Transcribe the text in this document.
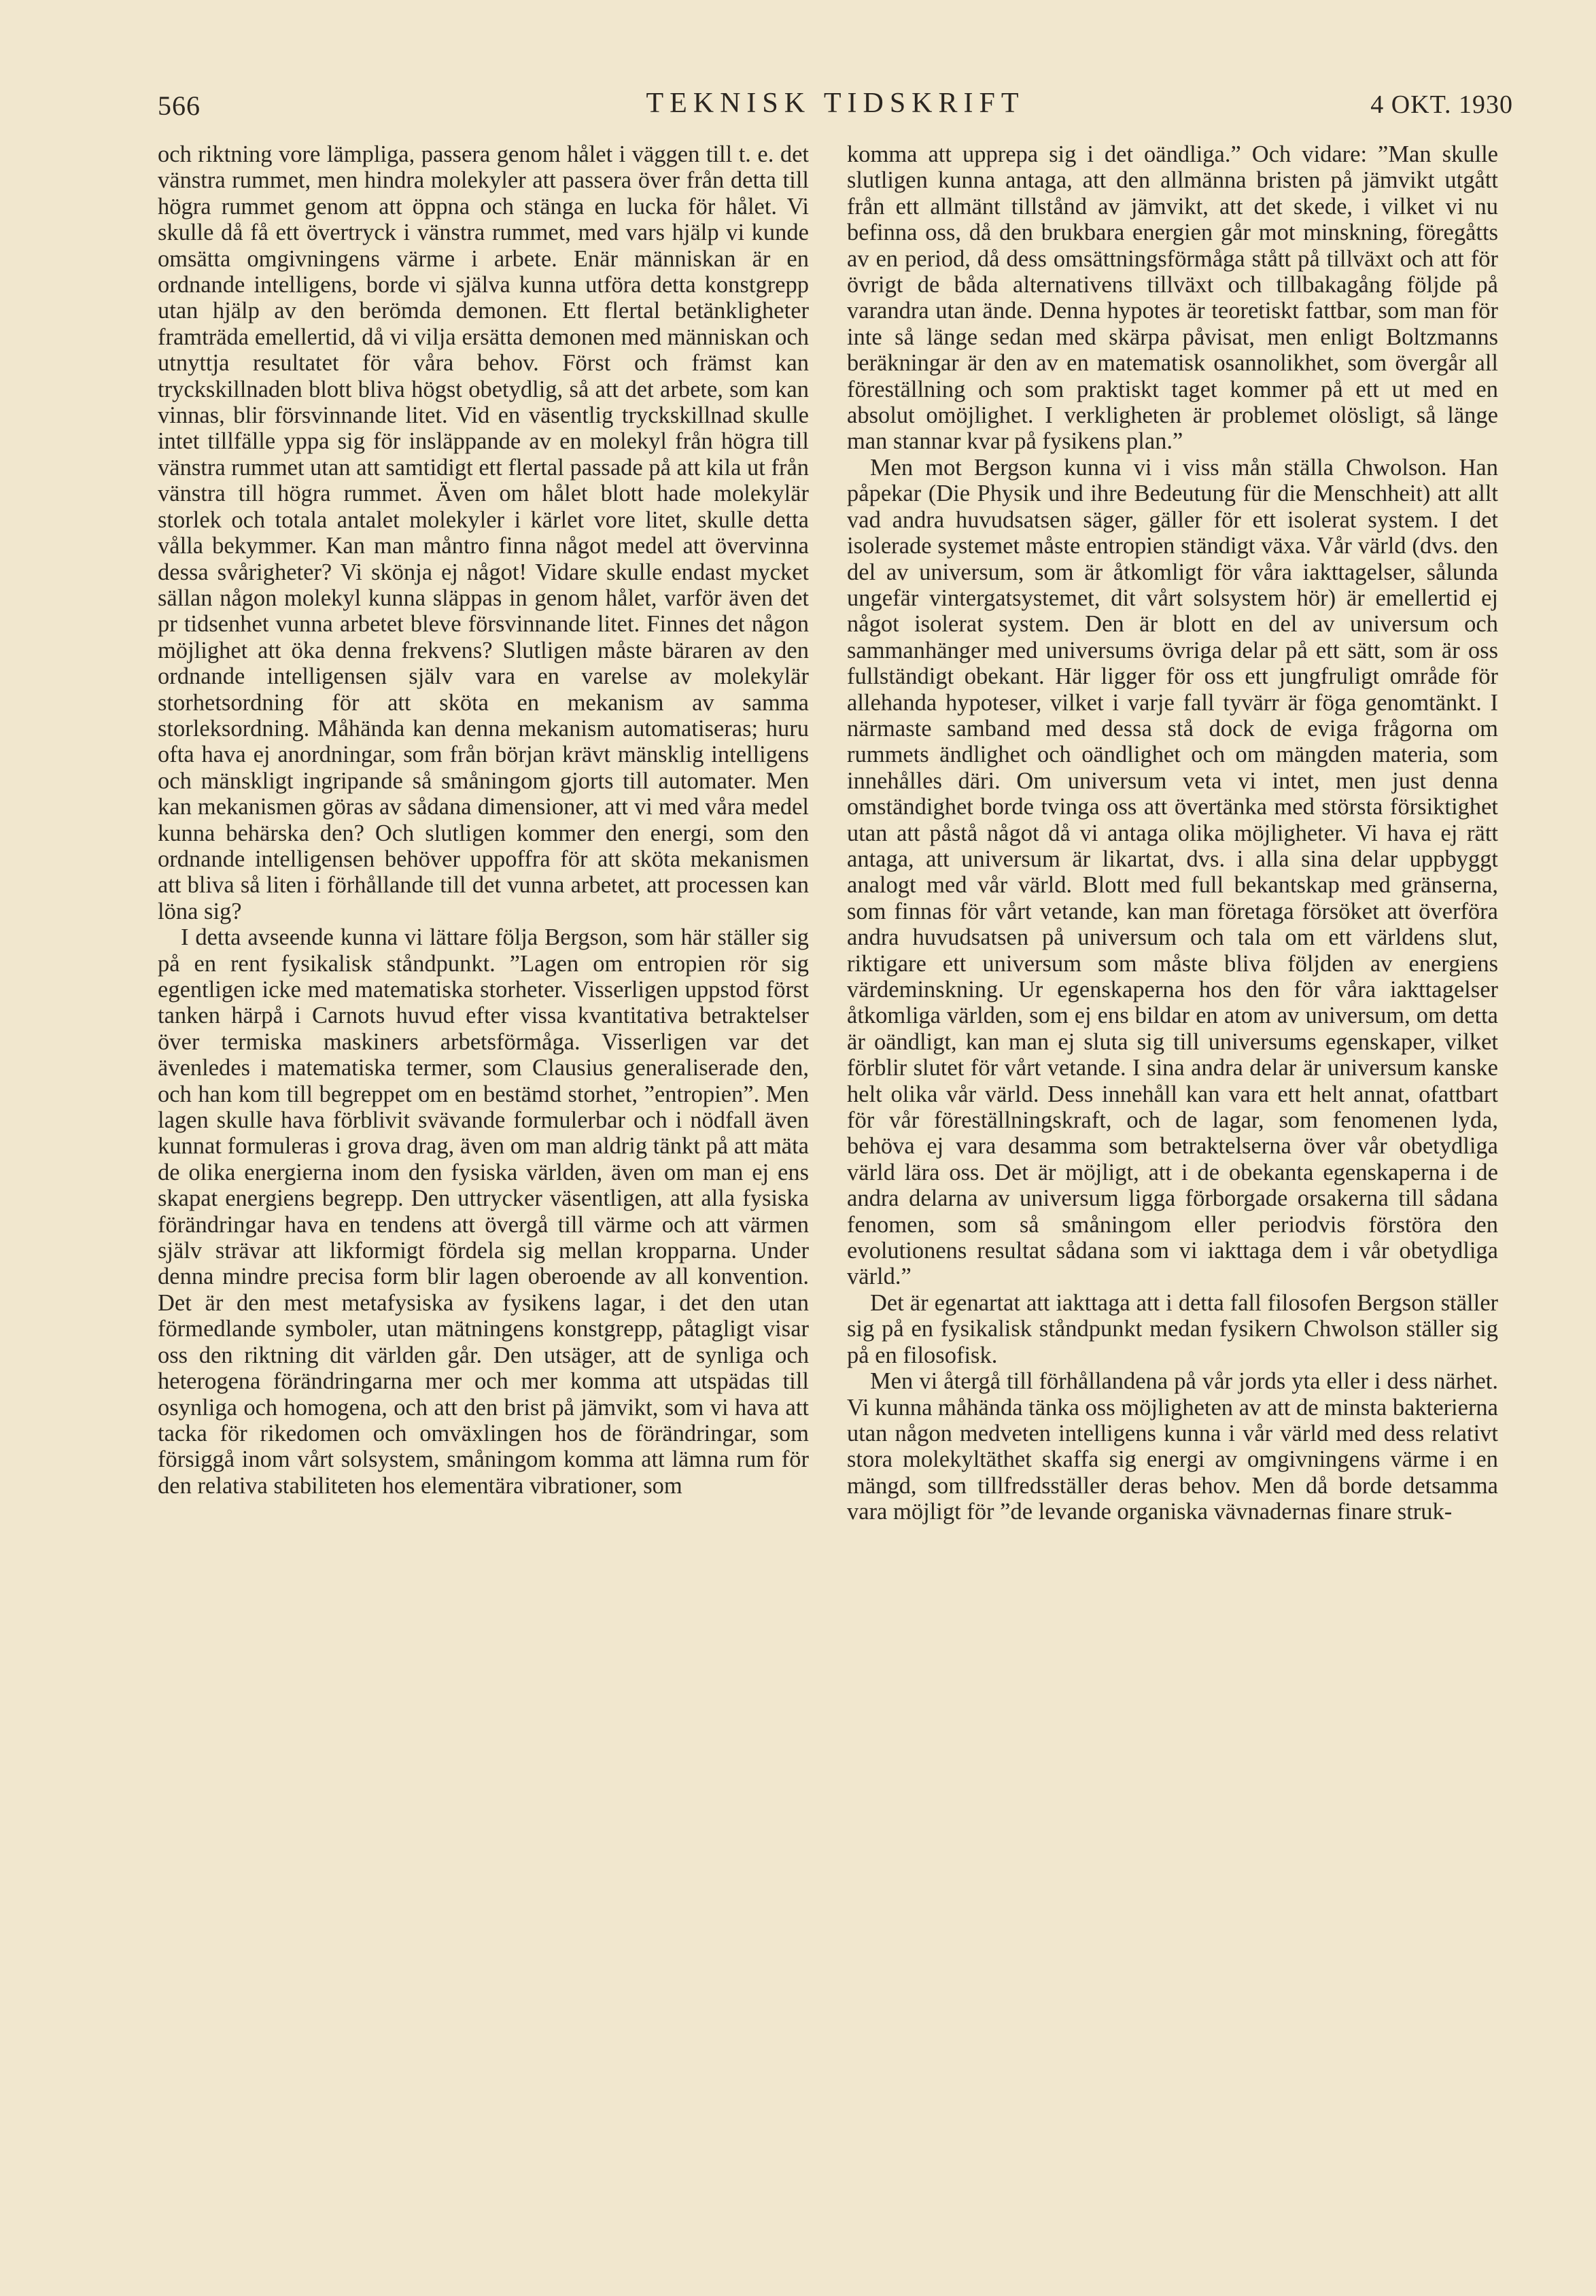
566	TEKNISK TIDSKRIFT	4 OKT. 1930

och riktning vore lämpliga, passera genom hålet i väggen till t. e. det vänstra rummet, men hindra molekyler att passera över från detta till högra rummet genom att öppna och stänga en lucka för hålet. Vi skulle då få ett övertryck i vänstra rummet, med vars hjälp vi kunde omsätta omgivningens värme i arbete. Enär människan är en ordnande intelligens, borde vi själva kunna utföra detta konstgrepp utan hjälp av den berömda demonen. Ett flertal betänkligheter framträda emellertid, då vi vilja ersätta demonen med människan och utnyttja resultatet för våra behov. Först och främst kan tryckskillnaden blott bliva högst obetydlig, så att det arbete, som kan vinnas, blir försvinnande litet. Vid en väsentlig tryckskillnad skulle intet tillfälle yppa sig för insläppande av en molekyl från högra till vänstra rummet utan att samtidigt ett flertal passade på att kila ut från vänstra till högra rummet. Även om hålet blott hade molekylär storlek och totala antalet molekyler i kärlet vore litet, skulle detta vålla bekymmer. Kan man måntro finna något medel att övervinna dessa svårigheter? Vi skönja ej något! Vidare skulle endast mycket sällan någon molekyl kunna släppas in genom hålet, varför även det pr tidsenhet vunna arbetet bleve försvinnande litet. Finnes det någon möjlighet att öka denna frekvens? Slutligen måste bäraren av den ordnande intelligensen själv vara en varelse av molekylär storhetsordning för att sköta en mekanism av samma storleksordning. Måhända kan denna mekanism automatiseras; huru ofta hava ej anordningar, som från början krävt mänsklig intelligens och mänskligt ingripande så småningom gjorts till automater. Men kan mekanismen göras av sådana dimensioner, att vi med våra medel kunna behärska den? Och slutligen kommer den energi, som den ordnande intelligensen behöver uppoffra för att sköta mekanismen att bliva så liten i förhållande till det vunna arbetet, att processen kan löna sig?

I detta avseende kunna vi lättare följa Bergson, som här ställer sig på en rent fysikalisk ståndpunkt. ”Lagen om entropien rör sig egentligen icke med matematiska storheter. Visserligen uppstod först tanken härpå i Carnots huvud efter vissa kvantitativa betraktelser över termiska maskiners arbetsförmåga. Visserligen var det ävenledes i matematiska termer, som Clausius generaliserade den, och han kom till begreppet om en bestämd storhet, ”entropien”. Men lagen skulle hava förblivit svävande formulerbar och i nödfall även kunnat formuleras i grova drag, även om man aldrig tänkt på att mäta de olika energierna inom den fysiska världen, även om man ej ens skapat energiens begrepp. Den uttrycker väsentligen, att alla fysiska förändringar hava en tendens att övergå till värme och att värmen själv strävar att likformigt fördela sig mellan kropparna. Under denna mindre precisa form blir lagen oberoende av all konvention. Det är den mest metafysiska av fysikens lagar, i det den utan förmedlande symboler, utan mätningens konstgrepp, påtagligt visar oss den riktning dit världen går. Den utsäger, att de synliga och heterogena förändringarna mer och mer komma att utspädas till osynliga och homogena, och att den brist på jämvikt, som vi hava att tacka för rikedomen och omväxlingen hos de förändringar, som försiggå inom vårt solsystem, småningom komma att lämna rum för den relativa stabiliteten hos elementära vibrationer, som

komma att upprepa sig i det oändliga.” Och vidare: ”Man skulle slutligen kunna antaga, att den allmänna bristen på jämvikt utgått från ett allmänt tillstånd av jämvikt, att det skede, i vilket vi nu befinna oss, då den brukbara energien går mot minskning, föregåtts av en period, då dess omsättningsförmåga stått på tillväxt och att för övrigt de båda alternativens tillväxt och tillbakagång följde på varandra utan ände. Denna hypotes är teoretiskt fattbar, som man för inte så länge sedan med skärpa påvisat, men enligt Boltzmanns beräkningar är den av en matematisk osannolikhet, som övergår all föreställning och som praktiskt taget kommer på ett ut med en absolut omöjlighet. I verkligheten är problemet olösligt, så länge man stannar kvar på fysikens plan.”

Men mot Bergson kunna vi i viss mån ställa Chwolson. Han påpekar (Die Physik und ihre Bedeutung für die Menschheit) att allt vad andra huvudsatsen säger, gäller för ett isolerat system. I det isolerade systemet måste entropien ständigt växa. Vår värld (dvs. den del av universum, som är åtkomligt för våra iakttagelser, sålunda ungefär vintergatsystemet, dit vårt solsystem hör) är emellertid ej något isolerat system. Den är blott en del av universum och sammanhänger med universums övriga delar på ett sätt, som är oss fullständigt obekant. Här ligger för oss ett jungfruligt område för allehanda hypoteser, vilket i varje fall tyvärr är föga genomtänkt. I närmaste samband med dessa stå dock de eviga frågorna om rummets ändlighet och oändlighet och om mängden materia, som innehålles däri. Om universum veta vi intet, men just denna omständighet borde tvinga oss att övertänka med största försiktighet utan att påstå något då vi antaga olika möjligheter. Vi hava ej rätt antaga, att universum är likartat, dvs. i alla sina delar uppbyggt analogt med vår värld. Blott med full bekantskap med gränserna, som finnas för vårt vetande, kan man företaga försöket att överföra andra huvudsatsen på universum och tala om ett världens slut, riktigare ett universum som måste bliva följden av energiens värdeminskning. Ur egenskaperna hos den för våra iakttagelser åtkomliga världen, som ej ens bildar en atom av universum, om detta är oändligt, kan man ej sluta sig till universums egenskaper, vilket förblir slutet för vårt vetande. I sina andra delar är universum kanske helt olika vår värld. Dess innehåll kan vara ett helt annat, ofattbart för vår föreställningskraft, och de lagar, som fenomenen lyda, behöva ej vara desamma som betraktelserna över vår obetydliga värld lära oss. Det är möjligt, att i de obekanta egenskaperna i de andra delarna av universum ligga förborgade orsakerna till sådana fenomen, som så småningom eller periodvis förstöra den evolutionens resultat sådana som vi iakttaga dem i vår obetydliga värld.”

Det är egenartat att iakttaga att i detta fall filosofen Bergson ställer sig på en fysikalisk ståndpunkt medan fysikern Chwolson ställer sig på en filosofisk.

Men vi återgå till förhållandena på vår jords yta eller i dess närhet. Vi kunna måhända tänka oss möjligheten av att de minsta bakterierna utan någon medveten intelligens kunna i vår värld med dess relativt stora molekyltäthet skaffa sig energi av omgivningens värme i en mängd, som tillfredsställer deras behov. Men då borde detsamma vara möjligt för ”de levande organiska vävnadernas finare struk-
